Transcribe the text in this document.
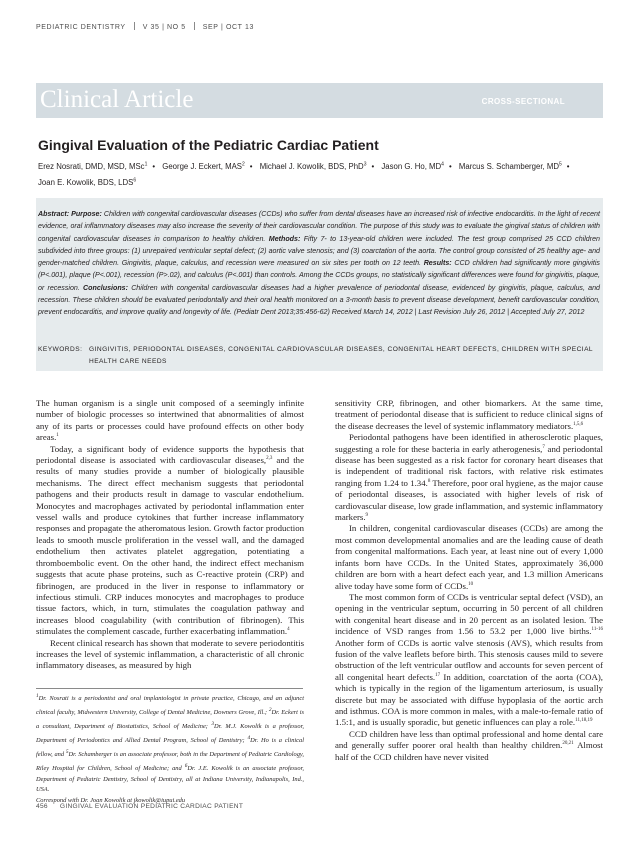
PEDIATRIC DENTISTRY V 35 | NO 5 SEP | OCT 13
Clinical Article	CROSS-SECTIONAL
Gingival Evaluation of the Pediatric Cardiac Patient
Erez Nosrati, DMD, MSD, MSc$^1$ • George J. Eckert, MAS$^2$ • Michael J. Kowolik, BDS, PhD$^3$ • Jason G. Ho, $MD^4$ • Marcus S. Schamberger, $MD^5$ •
Joan E. Kowolik, BDS, LDS$^6$

Abstract: Purpose: Children with congenital cardiovascular diseases (CCDs) who suffer from dental diseases have an increased risk of infective endocarditis. In the light of recent evidence, oral inflammatory diseases may also increase the severity of their cardiovascular condition. The purpose of this study was to evaluate the gingival status of children with congenital cardiovascular diseases in comparison to healthy children. Methods: Fifty 7- to 13-year-old children were included. The test group comprised 25 CCD children subdivided into three groups: (1) unrepaired ventricular septal defect; (2) aortic valve stenosis; and (3) coarctation of the aorta. The control group consisted of 25 healthy age- and gender-matched children. Gingivitis, plaque, calculus, and recession were measured on six sites per tooth on 12 teeth. Results: CCD children had significantly more gingivitis (P<.001), plaque (P<.001), recession (P>.02), and calculus (P<.001) than controls. Among the CCDs groups, no statistically significant differences were found for gingivitis, plaque, or recession. Conclusions: Children with congenital cardiovascular diseases had a higher prevalence of periodontal disease, evidenced by gingivitis, plaque, calculus, and recession. These children should be evaluated periodontally and their oral health monitored on a 3-month basis to prevent disease development, benefit cardiovascular condition, prevent endocarditis, and improve quality and longevity of life. (Pediatr Dent 2013;35:456-62) Received March 14, 2012 | Last Revision July 26, 2012 | Accepted July 27, 2012

KEYWORDS: GINGIVITIS, PERIODONTAL DISEASES, CONGENITAL CARDIOVASCULAR DISEASES, CONGENITAL HEART DEFECTS, CHILDREN WITH SPECIAL HEALTH CARE NEEDS

The human organism is a single unit composed of a seemingly infinite number of biologic processes so intertwined that abnormalities of almost any of its parts or processes could have profound effects on other body areas.$^1$

Today, a significant body of evidence supports the hypothesis that periodontal disease is associated with cardiovascular diseases,$^{2,3}$ and the results of many studies provide a number of biologically plausible mechanisms. The direct effect mechanism suggests that periodontal pathogens and their products result in damage to vascular endothelium. Monocytes and macrophages activated by periodontal inflammation enter vessel walls and produce cytokines that further increase inflammatory responses and propagate the atheromatous lesion. Growth factor production leads to smooth muscle proliferation in the vessel wall, and the damaged endothelium then activates platelet aggregation, potentiating a thromboembolic event. On the other hand, the indirect effect mechanism suggests that acute phase proteins, such as C-reactive protein (CRP) and fibrinogen, are produced in the liver in response to inflammatory or infectious stimuli. CRP induces monocytes and macrophages to produce tissue factors, which, in turn, stimulates the coagulation pathway and increases blood coagulability (with contribution of fibrinogen). This stimulates the complement cascade, further exacerbating inflammation.$^4$

Recent clinical research has shown that moderate to severe periodontitis increases the level of systemic inflammation, a characteristic of all chronic inflammatory diseases, as measured by high

$^1$Dr. Nosrati is a periodontist and oral implantologist in private practice, Chicago, and an adjunct clinical faculty, Midwestern University, College of Dental Medicine, Downers Grove, Ill.; $^2$Dr. Eckert is a consultant, Department of Biostatistics, School of Medicine; $^3$Dr. M.J. Kowolik is a professor, Department of Periodontics and Allied Dental Program, School of Dentistry; $^4$Dr. Ho is a clinical fellow, and $^5$Dr. Schamberger is an associate professor, both in the Department of Pediatric Cardiology, Riley Hospital for Children, School of Medicine; and $^6$Dr. J.E. Kowolik is an associate professor, Department of Pediatric Dentistry, School of Dentistry, all at Indiana University, Indianapolis, Ind., USA.

Correspond with Dr. Joan Kowolik at jkowolik@iupui.edu

sensitivity CRP, fibrinogen, and other biomarkers. At the same time, treatment of periodontal disease that is sufficient to reduce clinical signs of the disease decreases the level of systemic inflammatory mediators.$^{1,5,6}$

Periodontal pathogens have been identified in atherosclerotic plaques, suggesting a role for these bacteria in early atherogenesis,$^7$ and periodontal disease has been suggested as a risk factor for coronary heart diseases that is independent of traditional risk factors, with relative risk estimates ranging from 1.24 to 1.34.$^8$ Therefore, poor oral hygiene, as the major cause of periodontal diseases, is associated with higher levels of risk of cardiovascular disease, low grade inflammation, and systemic inflammatory markers.$^9$

In children, congenital cardiovascular diseases (CCDs) are among the most common developmental anomalies and are the leading cause of death from congenital malformations. Each year, at least nine out of every 1,000 infants born have CCDs. In the United States, approximately 36,000 children are born with a heart defect each year, and 1.3 million Americans alive today have some form of CCDs.$^{10}$

The most common form of CCDs is ventricular septal defect (VSD), an opening in the ventricular septum, occurring in 50 percent of all children with congenital heart disease and in 20 percent as an isolated lesion. The incidence of VSD ranges from 1.56 to 53.2 per 1,000 live births.$^{11-16}$ Another form of CCDs is aortic valve stenosis (AVS), which results from fusion of the valve leaflets before birth. This stenosis causes mild to severe obstruction of the left ventricular outflow and accounts for seven percent of all congenital heart defects.$^{17}$ In addition, coarctation of the aorta (COA), which is typically in the region of the ligamentum arteriosum, is usually discrete but may be associated with diffuse hypoplasia of the aortic arch and isthmus. COA is more common in males, with a male-to-female ratio of 1.5:1, and is usually sporadic, but genetic influences can play a role.$^{11,18,19}$

CCD children have less than optimal professional and home dental care and generally suffer poorer oral health than healthy children.$^{20,21}$ Almost half of the CCD children have never visited

456 GINGIVAL EVALUATION PEDIATRIC CARDIAC PATIENT
